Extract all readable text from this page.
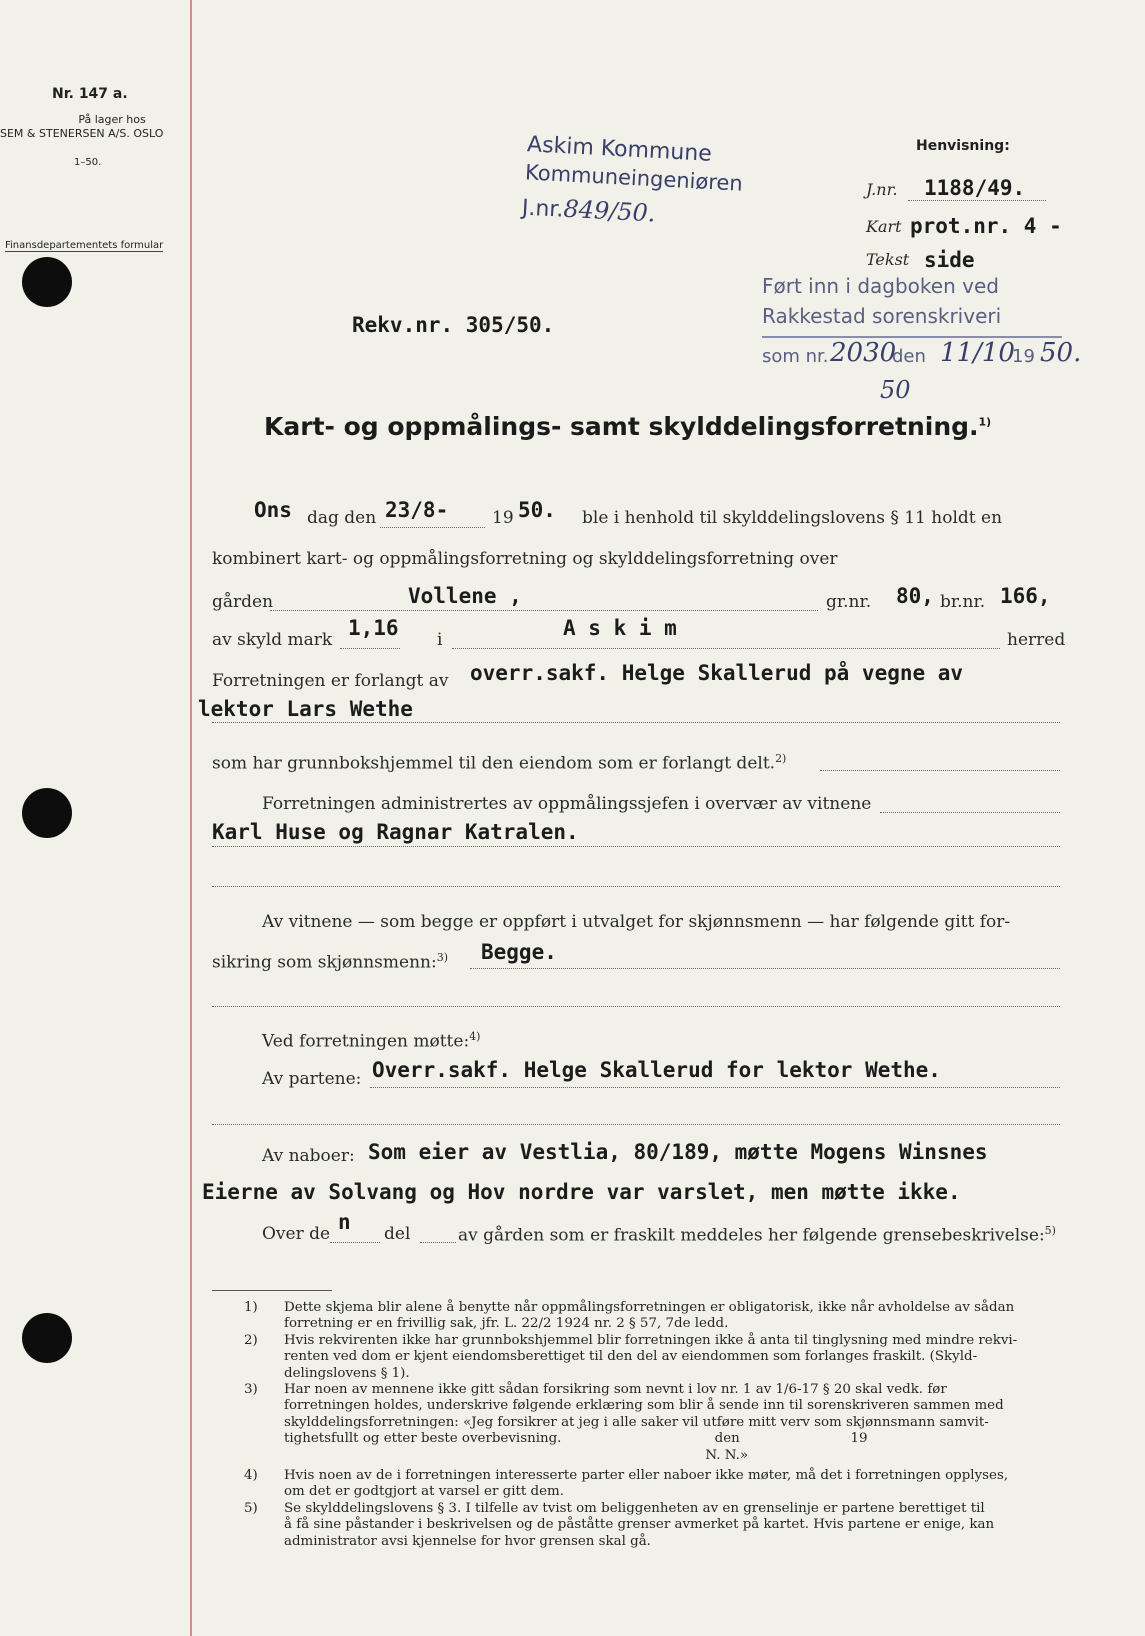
Nr. 147 a.
På lager hos
SEM & STENERSEN A/S. OSLO
1–50.
Finansdepartementets formular
Askim Kommune
Kommuneingeniøren
J.nr.849/50.
Henvisning:
J.nr. 1188/49.
Kart prot.nr. 4 -
Tekst side
Ført inn i dagboken ved
Rakkestad sorenskriveri
som nr. 2030
den 11/10
19 50.
50
Rekv.nr. 305/50.
Kart- og oppmålings- samt skylddelingsforretning.$^{1)}$
Ons dag den 23/8-	19 50. ble i henhold til skylddelingslovens § 11 holdt en
kombinert kart- og oppmålingsforretning og skylddelingsforretning over
gården	Vollene ,	gr.nr. 80, br.nr. 166,
av skyld mark 1,16 i	A s k i m	herred
Forretningen er forlangt av overr.sakf. Helge Skallerud på vegne av
lektor Lars Wethe
som har grunnbokshjemmel til den eiendom som er forlangt delt.$^{2)}$
Forretningen administrertes av oppmålingssjefen i overvær av vitnene
Karl Huse og Ragnar Katralen.
Av vitnene — som begge er oppført i utvalget for skjønnsmenn — har følgende gitt for-
sikring som skjønnsmenn:$^{3)}$ Begge.
Ved forretningen møtte:$^{4)}$
Av partene: Overr.sakf. Helge Skallerud for lektor Wethe.
Av naboer: Som eier av Vestlia, 80/189, møtte Mogens Winsnes
Eierne av Solvang og Hov nordre var varslet, men møtte ikke.
Over de n del	av gården som er fraskilt meddeles her følgende grensebeskrivelse:$^{5)}$
1) Dette skjema blir alene å benytte når oppmålingsforretningen er obligatorisk, ikke når avholdelse av sådan
forretning er en frivillig sak, jfr. L. 22/2 1924 nr. 2 § 57, 7de ledd.
2) Hvis rekvirenten ikke har grunnbokshjemmel blir forretningen ikke å anta til tinglysning med mindre rekvi-
renten ved dom er kjent eiendomsberettiget til den del av eiendommen som forlanges fraskilt. (Skyld-
delingslovens § 1).
3) Har noen av mennene ikke gitt sådan forsikring som nevnt i lov nr. 1 av 1/6-17 § 20 skal vedk. før
forretningen holdes, underskrive følgende erklæring som blir å sende inn til sorenskriveren sammen med
skylddelingsforretningen: «Jeg forsikrer at jeg i alle saker vil utføre mitt verv som skjønnsmann samvit-
tighetsfullt og etter beste overbevisning.                                    den                          19
N. N.»
4) Hvis noen av de i forretningen interesserte parter eller naboer ikke møter, må det i forretningen opplyses,
om det er godtgjort at varsel er gitt dem.
5) Se skylddelingslovens § 3. I tilfelle av tvist om beliggenheten av en grenselinje er partene berettiget til
å få sine påstander i beskrivelsen og de påståtte grenser avmerket på kartet. Hvis partene er enige, kan
administrator avsi kjennelse for hvor grensen skal gå.
